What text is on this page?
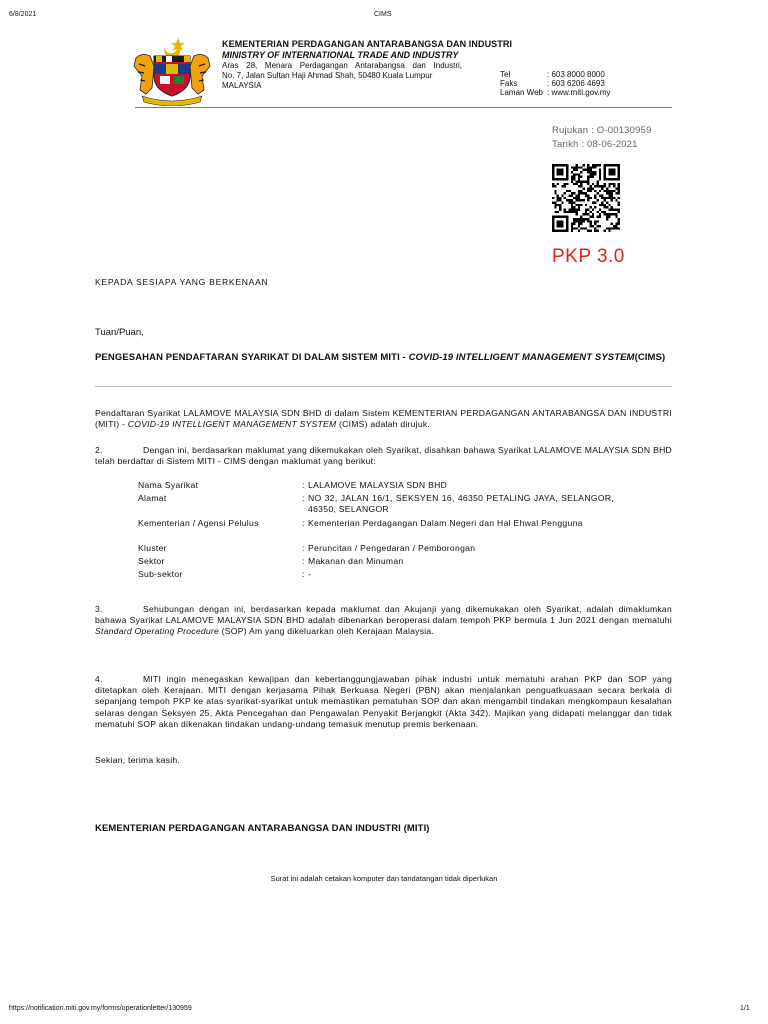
6/8/2021	CIMS
KEMENTERIAN PERDAGANGAN ANTARABANGSA DAN INDUSTRI
MINISTRY OF INTERNATIONAL TRADE AND INDUSTRY
Aras 28, Menara Perdagangan Antarabangsa dan Industri,
No. 7, Jalan Sultan Haji Ahmad Shah, 50480 Kuala Lumpur
MALAYSIA
Tel	: 603 8000 8000
Faks	: 603 6206 4693
Laman Web : www.miti.gov.my
Rujukan : O-00130959
Tarikh : 08-06-2021
PKP 3.0
KEPADA SESIAPA YANG BERKENAAN
Tuan/Puan,
PENGESAHAN PENDAFTARAN SYARIKAT DI DALAM SISTEM MITI - COVID-19 INTELLIGENT MANAGEMENT SYSTEM(CIMS)
Pendaftaran Syarikat LALAMOVE MALAYSIA SDN BHD di dalam Sistem KEMENTERIAN PERDAGANGAN ANTARABANGSA DAN INDUSTRI (MITI) - COVID-19 INTELLIGENT MANAGEMENT SYSTEM (CIMS) adalah dirujuk.
2.	Dengan ini, berdasarkan maklumat yang dikemukakan oleh Syarikat, disahkan bahawa Syarikat LALAMOVE MALAYSIA SDN BHD telah berdaftar di Sistem MITI - CIMS dengan maklumat yang berikut:
Nama Syarikat	:	LALAMOVE MALAYSIA SDN BHD
Alamat	:	NO 32, JALAN 16/1, SEKSYEN 16, 46350 PETALING JAYA, SELANGOR, 46350, SELANGOR
Kementerian / Agensi Pelulus	:	Kementerian Perdagangan Dalam Negeri dan Hal Ehwal Pengguna
Kluster	:	Peruncitan / Pengedaran / Pemborongan
Sektor	:	Makanan dan Minuman
Sub-sektor	:	-
3.	Sehubungan dengan ini, berdasarkan kepada maklumat dan Akujanji yang dikemukakan oleh Syarikat, adalah dimaklumkan bahawa Syarikat LALAMOVE MALAYSIA SDN BHD adalah dibenarkan beroperasi dalam tempoh PKP bermula 1 Jun 2021 dengan mematuhi Standard Operating Procedure (SOP) Am yang dikeluarkan oleh Kerajaan Malaysia.
4.	MITI ingin menegaskan kewajipan dan kebertanggungjawaban pihak industri untuk mematuhi arahan PKP dan SOP yang ditetapkan oleh Kerajaan. MITI dengan kerjasama Pihak Berkuasa Negeri (PBN) akan menjalankan penguatkuasaan secara berkala di sepanjang tempoh PKP ke atas syarikat-syarikat untuk memastikan pematuhan SOP dan akan mengambil tindakan mengkompaun kesalahan selaras dengan Seksyen 25, Akta Pencegahan dan Pengawalan Penyakit Berjangkit (Akta 342). Majikan yang didapati melanggar dan tidak mematuhi SOP akan dikenakan tindakan undang-undang temasuk menutup premis berkenaan.
Sekian, terima kasih.
KEMENTERIAN PERDAGANGAN ANTARABANGSA DAN INDUSTRI (MITI)
Surat ini adalah cetakan komputer dan tandatangan tidak diperlukan
https://notification.miti.gov.my/forms/operationletter/130959	1/1
